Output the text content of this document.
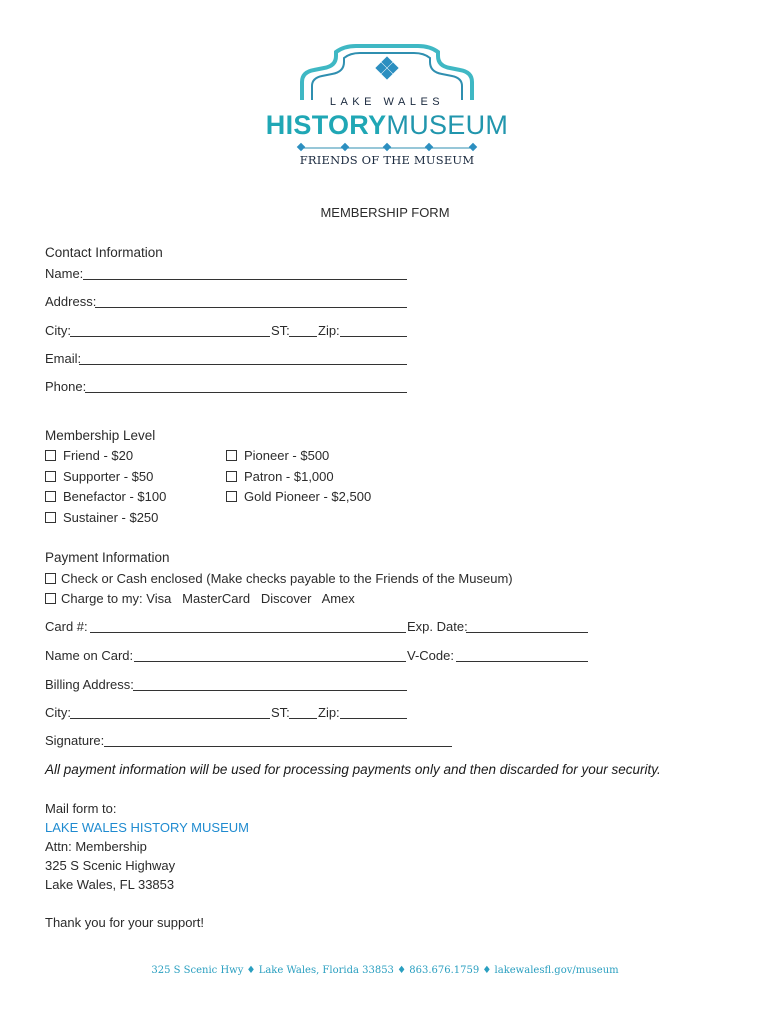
LAKE WALES
HISTORYMUSEUM
FRIENDS OF THE MUSEUM
MEMBERSHIP FORM
Contact Information
Name:
Address:
City:	ST: Zip:
Email:
Phone:
Membership Level
Friend - $20
Supporter - $50
Benefactor - $100
Sustainer - $250
Pioneer - $500
Patron - $1,000
Gold Pioneer - $2,500
Payment Information
Check or Cash enclosed (Make checks payable to the Friends of the Museum)
Charge to my: Visa   MasterCard   Discover   Amex
Card #:	Exp. Date:
Name on Card:	V-Code:
Billing Address:
City:	ST: Zip:
Signature:
All payment information will be used for processing payments only and then discarded for your security.
Mail form to:
LAKE WALES HISTORY MUSEUM
Attn: Membership
325 S Scenic Highway
Lake Wales, FL 33853
Thank you for your support!
325 S Scenic Hwy ♦ Lake Wales, Florida 33853 ♦ 863.676.1759 ♦ lakewalesfl.gov/museum
